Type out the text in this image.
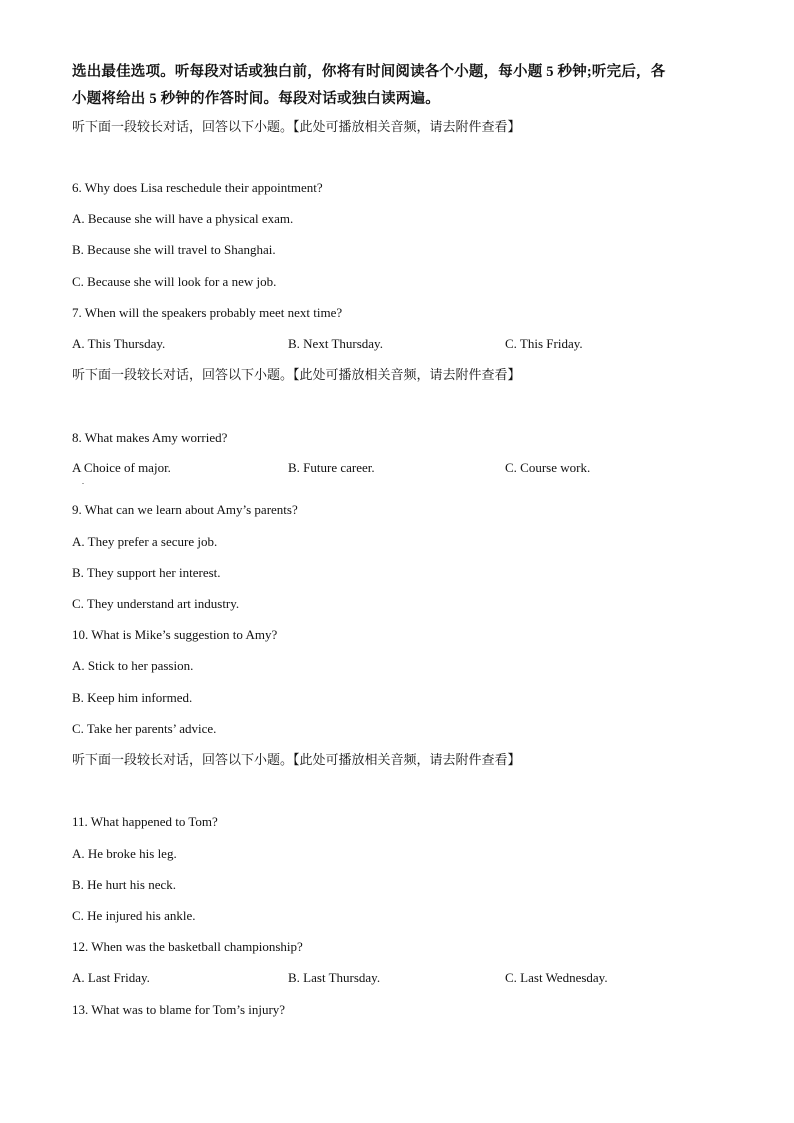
选出最佳选项。听每段对话或独白前，你将有时间阅读各个小题，每小题 5 秒钟;听完后，各
小题将给出 5 秒钟的作答时间。每段对话或独白读两遍。
听下面一段较长对话，回答以下小题。【此处可播放相关音频，请去附件查看】
6. Why does Lisa reschedule their appointment?
A. Because she will have a physical exam.
B. Because she will travel to Shanghai.
C. Because she will look for a new job.
7. When will the speakers probably meet next time?
A. This Thursday.	B. Next Thursday.	C. This Friday.
听下面一段较长对话，回答以下小题。【此处可播放相关音频，请去附件查看】
8. What makes Amy worried?
A Choice of major.
.
B. Future career.	C. Course work.
9. What can we learn about Amy’s parents?
A. They prefer a secure job.
B. They support her interest.
C. They understand art industry.
10. What is Mike’s suggestion to Amy?
A. Stick to her passion.
B. Keep him informed.
C. Take her parents’ advice.
听下面一段较长对话，回答以下小题。【此处可播放相关音频，请去附件查看】
11. What happened to Tom?
A. He broke his leg.
B. He hurt his neck.
C. He injured his ankle.
12. When was the basketball championship?
A. Last Friday.	B. Last Thursday.	C. Last Wednesday.
13. What was to blame for Tom’s injury?
